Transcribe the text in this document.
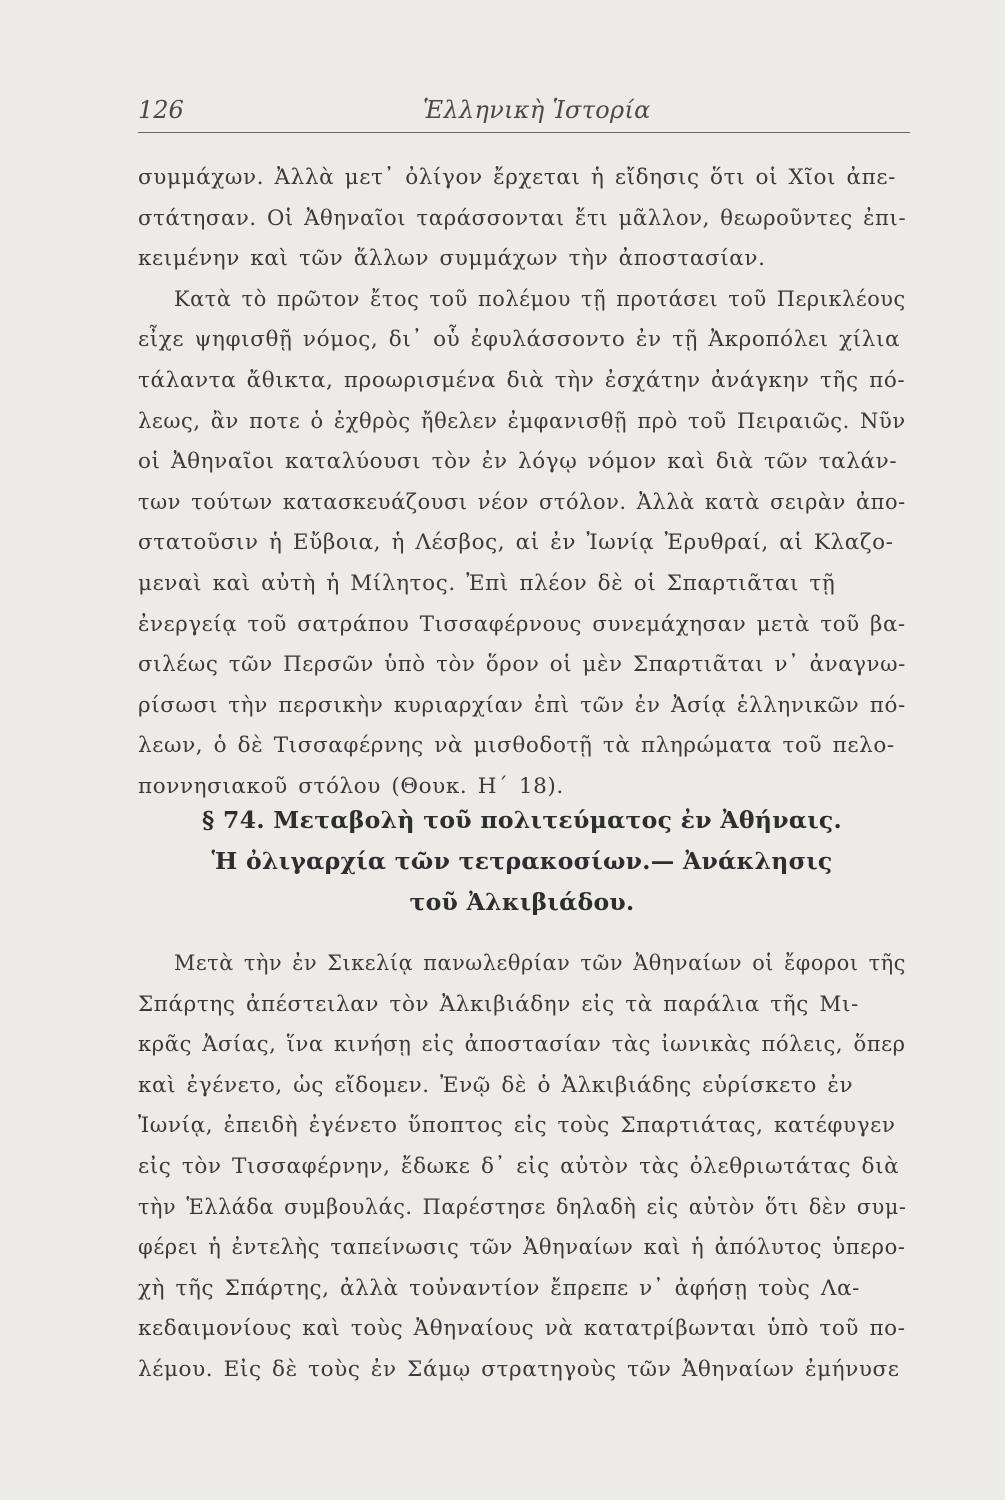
126	Ἑλληνικὴ Ἱστορία
συμμάχων. Ἀλλὰ μετ᾽ ὀλίγον ἔρχεται ἡ εἴδησις ὅτι οἱ Χῖοι ἀπε-
στάτησαν. Οἱ Ἀθηναῖοι ταράσσονται ἔτι μᾶλλον, θεωροῦντες ἐπι-
κειμένην καὶ τῶν ἄλλων συμμάχων τὴν ἀποστασίαν.
Κατὰ τὸ πρῶτον ἔτος τοῦ πολέμου τῇ προτάσει τοῦ Περικλέους
εἶχε ψηφισθῇ νόμος, δι᾽ οὗ ἐφυλάσσοντο ἐν τῇ Ἀκροπόλει χίλια
τάλαντα ἄθικτα, προωρισμένα διὰ τὴν ἐσχάτην ἀνάγκην τῆς πό-
λεως, ἂν ποτε ὁ ἐχθρὸς ἤθελεν ἐμφανισθῇ πρὸ τοῦ Πειραιῶς. Νῦν
οἱ Ἀθηναῖοι καταλύουσι τὸν ἐν λόγῳ νόμον καὶ διὰ τῶν ταλάν-
των τούτων κατασκευάζουσι νέον στόλον. Ἀλλὰ κατὰ σειρὰν ἀπο-
στατοῦσιν ἡ Εὔβοια, ἡ Λέσβος, αἱ ἐν Ἰωνίᾳ Ἐρυθραί, αἱ Κλαζο-
μεναὶ καὶ αὐτὴ ἡ Μίλητος. Ἐπὶ πλέον δὲ οἱ Σπαρτιᾶται τῇ
ἐνεργείᾳ τοῦ σατράπου Τισσαφέρνους συνεμάχησαν μετὰ τοῦ βα-
σιλέως τῶν Περσῶν ὑπὸ τὸν ὅρον οἱ μὲν Σπαρτιᾶται ν᾽ ἀναγνω-
ρίσωσι τὴν περσικὴν κυριαρχίαν ἐπὶ τῶν ἐν Ἀσίᾳ ἑλληνικῶν πό-
λεων, ὁ δὲ Τισσαφέρνης νὰ μισθοδοτῇ τὰ πληρώματα τοῦ πελο-
ποννησιακοῦ στόλου (Θουκ. Η΄ 18).
§ 74. Μεταβολὴ τοῦ πολιτεύματος ἐν Ἀθήναις.
Ἡ ὀλιγαρχία τῶν τετρακοσίων.— Ἀνάκλησις
τοῦ Ἀλκιβιάδου.
Μετὰ τὴν ἐν Σικελίᾳ πανωλεθρίαν τῶν Ἀθηναίων οἱ ἔφοροι τῆς
Σπάρτης ἀπέστειλαν τὸν Ἀλκιβιάδην εἰς τὰ παράλια τῆς Μι-
κρᾶς Ἀσίας, ἵνα κινήσῃ εἰς ἀποστασίαν τὰς ἰωνικὰς πόλεις, ὅπερ
καὶ ἐγένετο, ὡς εἴδομεν. Ἐνῷ δὲ ὁ Ἀλκιβιάδης εὑρίσκετο ἐν
Ἰωνίᾳ, ἐπειδὴ ἐγένετο ὕποπτος εἰς τοὺς Σπαρτιάτας, κατέφυγεν
εἰς τὸν Τισσαφέρνην, ἔδωκε δ᾽ εἰς αὐτὸν τὰς ὀλεθριωτάτας διὰ
τὴν Ἑλλάδα συμβουλάς. Παρέστησε δηλαδὴ εἰς αὐτὸν ὅτι δὲν συμ-
φέρει ἡ ἐντελὴς ταπείνωσις τῶν Ἀθηναίων καὶ ἡ ἀπόλυτος ὑπερο-
χὴ τῆς Σπάρτης, ἀλλὰ τοὐναντίον ἔπρεπε ν᾽ ἀφήσῃ τοὺς Λα-
κεδαιμονίους καὶ τοὺς Ἀθηναίους νὰ κατατρίβωνται ὑπὸ τοῦ πο-
λέμου. Εἰς δὲ τοὺς ἐν Σάμῳ στρατηγοὺς τῶν Ἀθηναίων ἐμήνυσε
